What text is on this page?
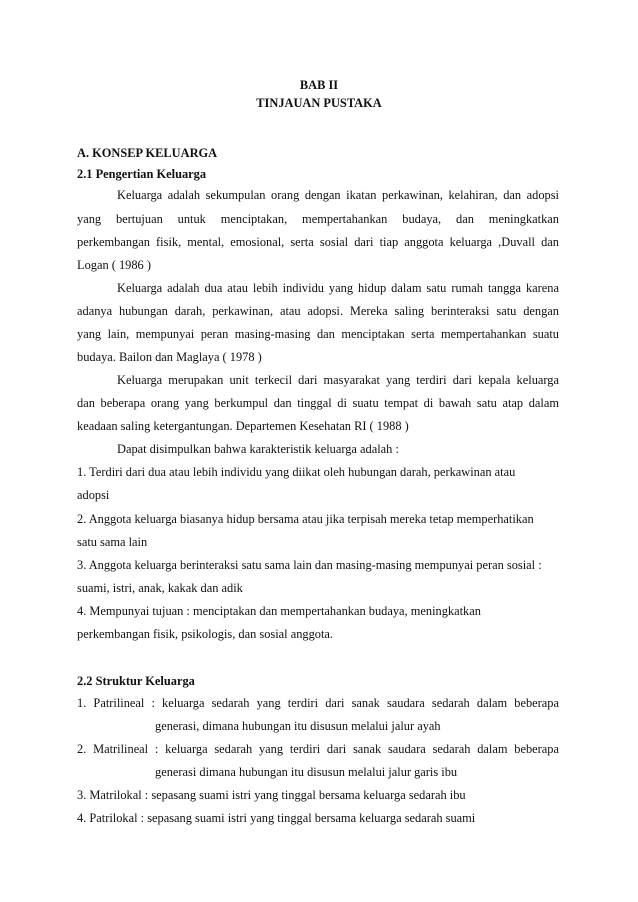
BAB II
TINJAUAN PUSTAKA
A. KONSEP KELUARGA
2.1 Pengertian Keluarga
Keluarga adalah sekumpulan orang dengan ikatan perkawinan, kelahiran, dan adopsi
yang bertujuan untuk menciptakan, mempertahankan budaya, dan meningkatkan
perkembangan fisik, mental, emosional, serta sosial dari tiap anggota keluarga ,Duvall dan
Logan ( 1986 )
Keluarga adalah dua atau lebih individu yang hidup dalam satu rumah tangga karena
adanya hubungan darah, perkawinan, atau adopsi. Mereka saling berinteraksi satu dengan
yang lain, mempunyai peran masing-masing dan menciptakan serta mempertahankan suatu
budaya. Bailon dan Maglaya ( 1978 )
Keluarga merupakan unit terkecil dari masyarakat yang terdiri dari kepala keluarga
dan beberapa orang yang berkumpul dan tinggal di suatu tempat di bawah satu atap dalam
keadaan saling ketergantungan. Departemen Kesehatan RI ( 1988 )
Dapat disimpulkan bahwa karakteristik keluarga adalah :
1. Terdiri dari dua atau lebih individu yang diikat oleh hubungan darah, perkawinan atau
adopsi
2. Anggota keluarga biasanya hidup bersama atau jika terpisah mereka tetap memperhatikan
satu sama lain
3. Anggota keluarga berinteraksi satu sama lain dan masing-masing mempunyai peran sosial :
suami, istri, anak, kakak dan adik
4. Mempunyai tujuan : menciptakan dan mempertahankan budaya, meningkatkan
perkembangan fisik, psikologis, dan sosial anggota.
2.2 Struktur Keluarga
1. Patrilineal : keluarga sedarah yang terdiri dari sanak saudara sedarah dalam beberapa
generasi, dimana hubungan itu disusun melalui jalur ayah
2. Matrilineal : keluarga sedarah yang terdiri dari sanak saudara sedarah dalam beberapa
generasi dimana hubungan itu disusun melalui jalur garis ibu
3. Matrilokal : sepasang suami istri yang tinggal bersama keluarga sedarah ibu
4. Patrilokal : sepasang suami istri yang tinggal bersama keluarga sedarah suami
